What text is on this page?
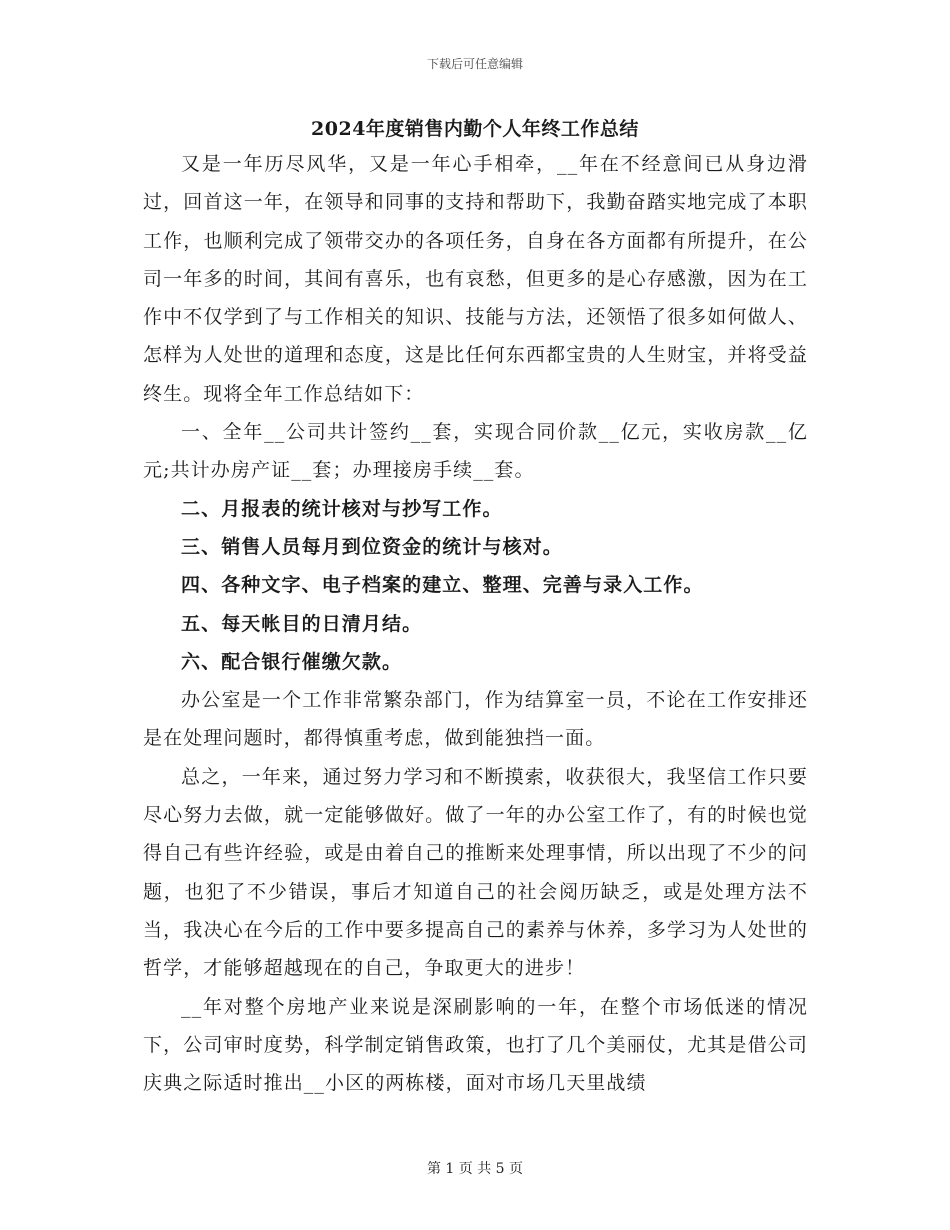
下载后可任意编辑
2024年度销售内勤个人年终工作总结

又是一年历尽风华，又是一年心手相牵，__年在不经意间已从身边滑过，回首这一年，在领导和同事的支持和帮助下，我勤奋踏实地完成了本职工作，也顺利完成了领带交办的各项任务，自身在各方面都有所提升，在公司一年多的时间，其间有喜乐，也有哀愁，但更多的是心存感激，因为在工作中不仅学到了与工作相关的知识、技能与方法，还领悟了很多如何做人、怎样为人处世的道理和态度，这是比任何东西都宝贵的人生财宝，并将受益终生。现将全年工作总结如下：

一、全年__公司共计签约__套，实现合同价款__亿元，实收房款__亿元;共计办房产证__套；办理接房手续__套。

二、月报表的统计核对与抄写工作。

三、销售人员每月到位资金的统计与核对。

四、各种文字、电子档案的建立、整理、完善与录入工作。

五、每天帐目的日清月结。

六、配合银行催缴欠款。

办公室是一个工作非常繁杂部门，作为结算室一员，不论在工作安排还是在处理问题时，都得慎重考虑，做到能独挡一面。

总之，一年来，通过努力学习和不断摸索，收获很大，我坚信工作只要尽心努力去做，就一定能够做好。做了一年的办公室工作了，有的时候也觉得自己有些许经验，或是由着自己的推断来处理事情，所以出现了不少的问题，也犯了不少错误，事后才知道自己的社会阅历缺乏，或是处理方法不当，我决心在今后的工作中要多提高自己的素养与休养，多学习为人处世的哲学，才能够超越现在的自己，争取更大的进步！

__年对整个房地产业来说是深刷影响的一年，在整个市场低迷的情况下，公司审时度势，科学制定销售政策，也打了几个美丽仗，尤其是借公司庆典之际适时推出__小区的两栋楼，面对市场几天里战绩

第 1 页 共 5 页
